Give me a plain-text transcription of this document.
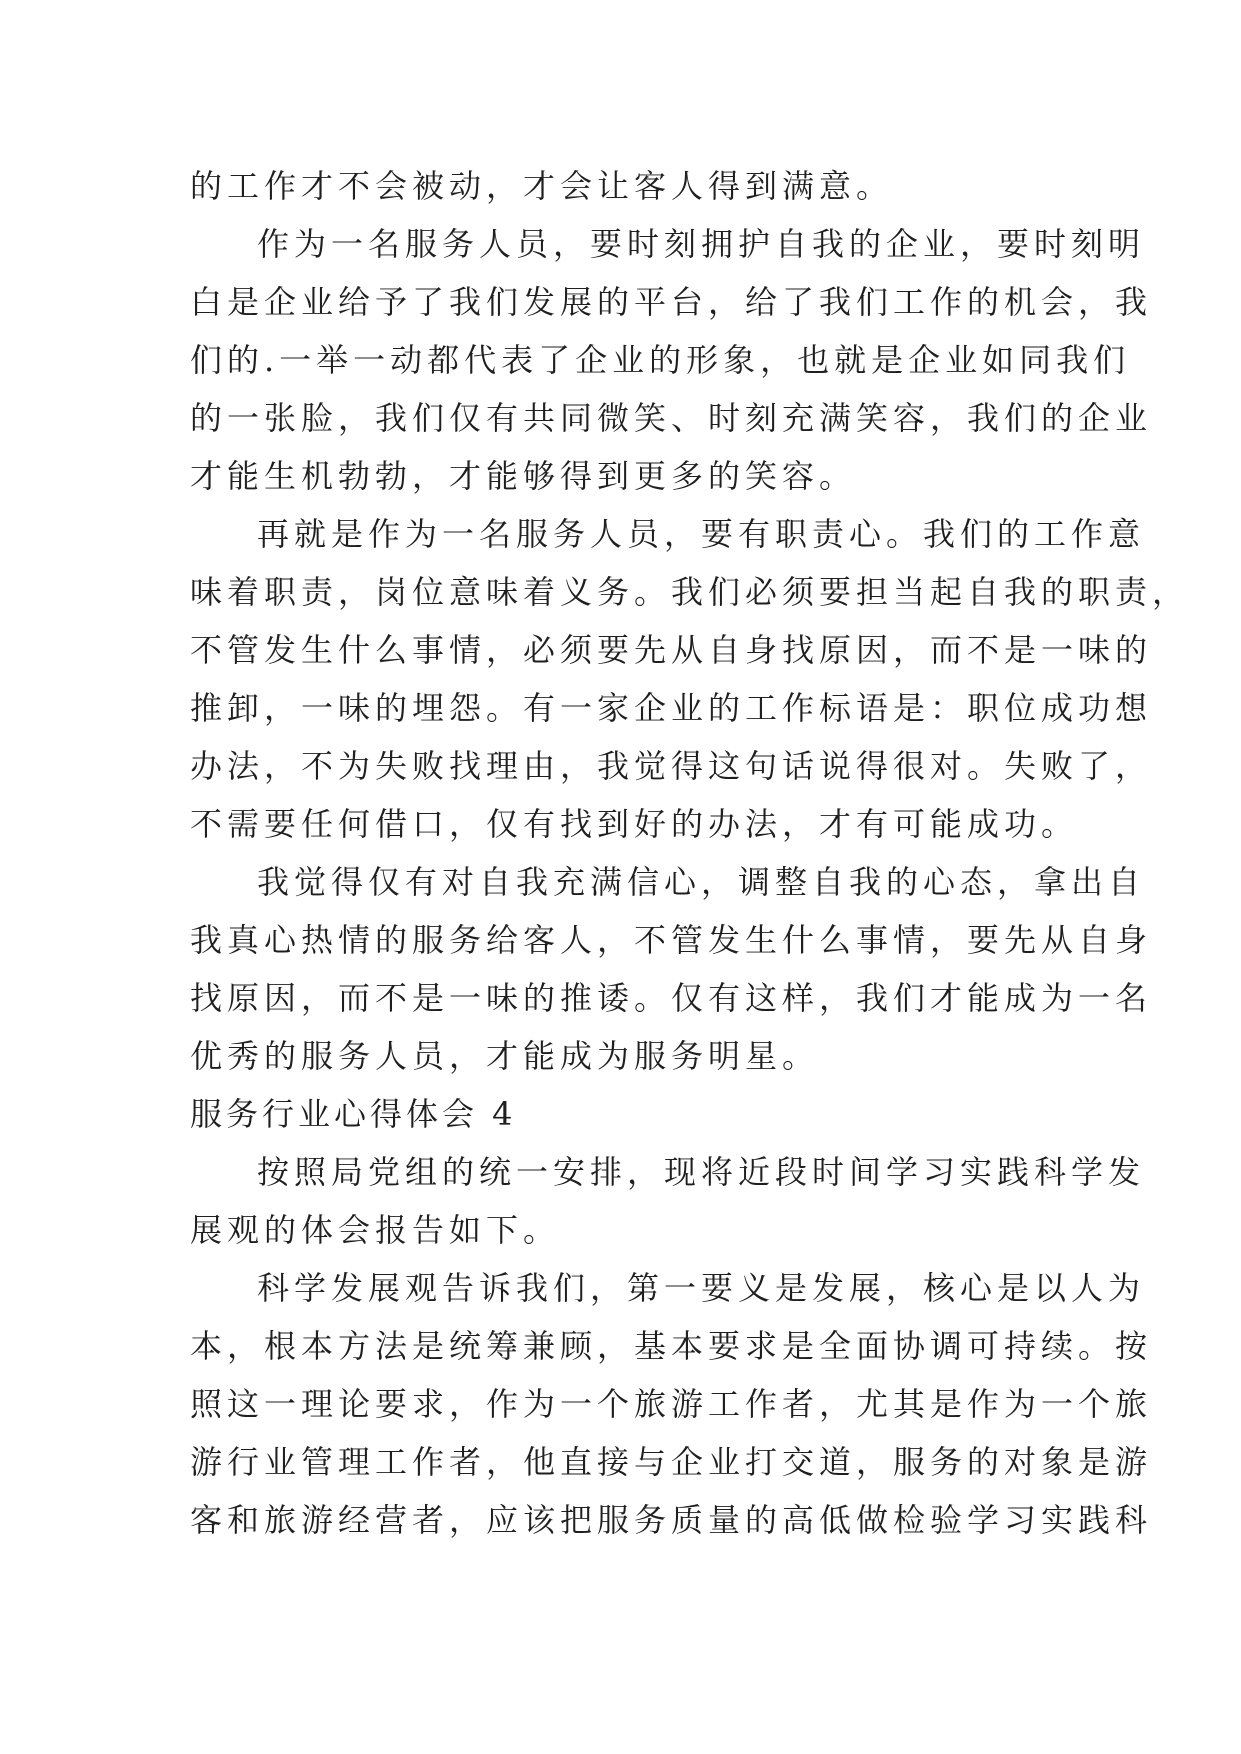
的工作才不会被动，才会让客人得到满意。
作为一名服务人员，要时刻拥护自我的企业，要时刻明
白是企业给予了我们发展的平台，给了我们工作的机会，我
们的.一举一动都代表了企业的形象，也就是企业如同我们
的一张脸，我们仅有共同微笑、时刻充满笑容，我们的企业
才能生机勃勃，才能够得到更多的笑容。
再就是作为一名服务人员，要有职责心。我们的工作意
味着职责，岗位意味着义务。我们必须要担当起自我的职责，
不管发生什么事情，必须要先从自身找原因，而不是一味的
推卸，一味的埋怨。有一家企业的工作标语是：职位成功想
办法，不为失败找理由，我觉得这句话说得很对。失败了，
不需要任何借口，仅有找到好的办法，才有可能成功。
我觉得仅有对自我充满信心，调整自我的心态，拿出自
我真心热情的服务给客人，不管发生什么事情，要先从自身
找原因，而不是一味的推诿。仅有这样，我们才能成为一名
优秀的服务人员，才能成为服务明星。
服务行业心得体会 4
按照局党组的统一安排，现将近段时间学习实践科学发
展观的体会报告如下。
科学发展观告诉我们，第一要义是发展，核心是以人为
本，根本方法是统筹兼顾，基本要求是全面协调可持续。按
照这一理论要求，作为一个旅游工作者，尤其是作为一个旅
游行业管理工作者，他直接与企业打交道，服务的对象是游
客和旅游经营者，应该把服务质量的高低做检验学习实践科
